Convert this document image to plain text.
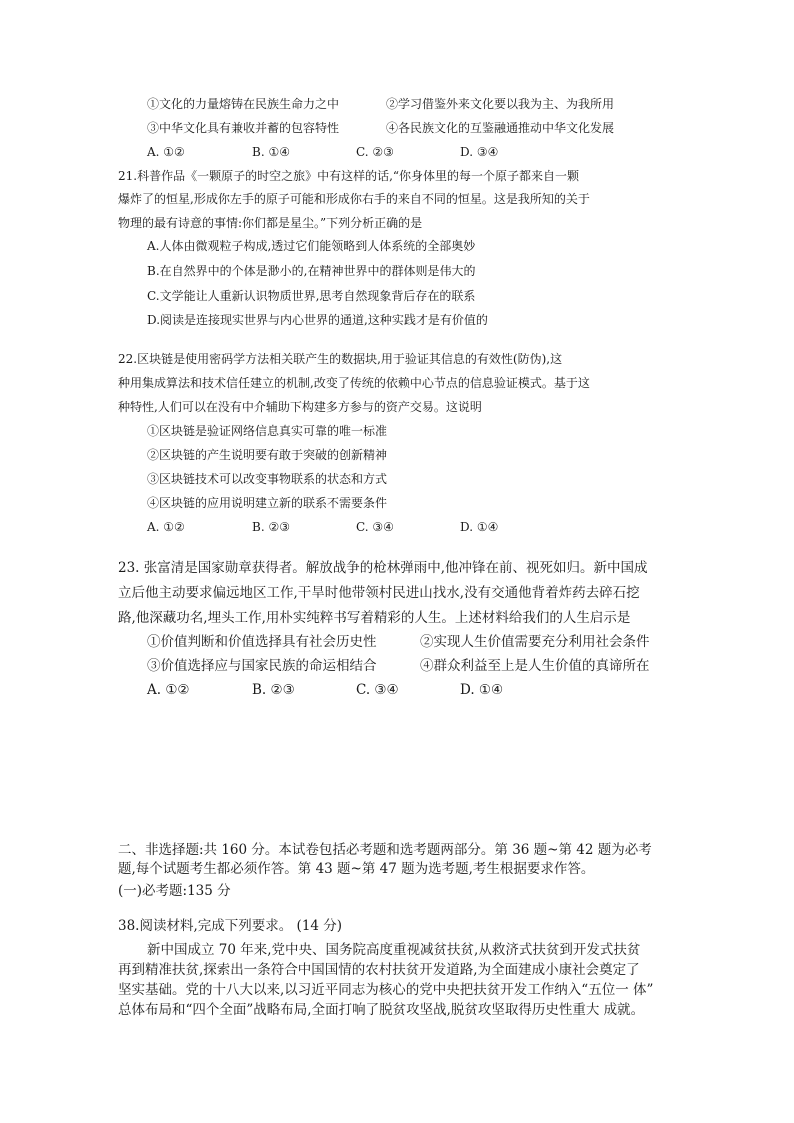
①文化的力量熔铸在民族生命力之中	②学习借鉴外来文化要以我为主、为我所用
③中华文化具有兼收并蓄的包容特性	④各民族文化的互鉴融通推动中华文化发展
A. ①②	B. ①④	C. ②③	D. ③④
21.科普作品《一颗原子的时空之旅》中有这样的话,“你身体里的每一个原子都来自一颗
爆炸了的恒星,形成你左手的原子可能和形成你右手的来自不同的恒星。这是我所知的关于
物理的最有诗意的事情:你们都是星尘。”下列分析正确的是
A.人体由微观粒子构成,透过它们能领略到人体系统的全部奥妙
B.在自然界中的个体是渺小的,在精神世界中的群体则是伟大的
C.文学能让人重新认识物质世界,思考自然现象背后存在的联系
D.阅读是连接现实世界与内心世界的通道,这种实践才是有价值的
22.区块链是使用密码学方法相关联产生的数据块,用于验证其信息的有效性(防伪),这
种用集成算法和技术信任建立的机制,改变了传统的依赖中心节点的信息验证模式。基于这
种特性,人们可以在没有中介辅助下构建多方参与的资产交易。这说明
①区块链是验证网络信息真实可靠的唯一标准
②区块链的产生说明要有敢于突破的创新精神
③区块链技术可以改变事物联系的状态和方式
④区块链的应用说明建立新的联系不需要条件
A. ①②	B. ②③	C. ③④	D. ①④
23. 张富清是国家勋章获得者。解放战争的枪林弹雨中,他冲锋在前、视死如归。新中国成
立后他主动要求偏远地区工作,干旱时他带领村民进山找水,没有交通他背着炸药去碎石挖
路,他深藏功名,埋头工作,用朴实纯粹书写着精彩的人生。上述材料给我们的人生启示是
①价值判断和价值选择具有社会历史性	②实现人生价值需要充分利用社会条件
③价值选择应与国家民族的命运相结合	④群众利益至上是人生价值的真谛所在
A. ①②	B. ②③	C. ③④	D. ①④
二、非选择题:共 160 分。本试卷包括必考题和选考题两部分。第 36 题~第 42 题为必考
题,每个试题考生都必须作答。第 43 题~第 47 题为选考题,考生根据要求作答。
(一)必考题:135 分
38.阅读材料,完成下列要求。 (14 分)
新中国成立 70 年来,党中央、国务院高度重视减贫扶贫,从救济式扶贫到开发式扶贫
再到精准扶贫,探索出一条符合中国国情的农村扶贫开发道路,为全面建成小康社会奠定了
坚实基础。党的十八大以来,以习近平同志为核心的党中央把扶贫开发工作纳入“五位一 体”
总体布局和“四个全面”战略布局,全面打响了脱贫攻坚战,脱贫攻坚取得历史性重大 成就。
